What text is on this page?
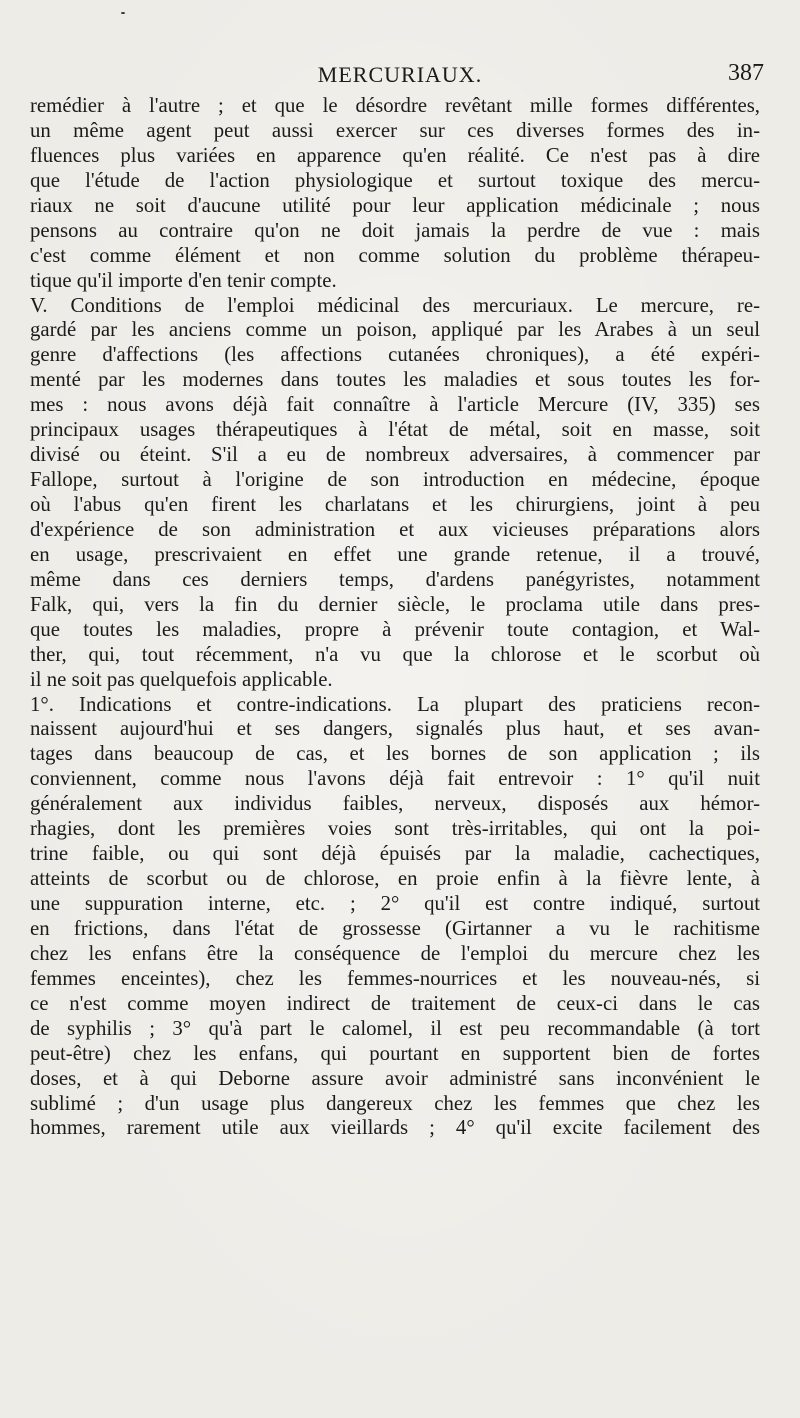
MERCURIAUX.	387
remédier à l'autre ; et que le désordre revêtant mille formes différentes,
un même agent peut aussi exercer sur ces diverses formes des in-
fluences plus variées en apparence qu'en réalité. Ce n'est pas à dire
que l'étude de l'action physiologique et surtout toxique des mercu-
riaux ne soit d'aucune utilité pour leur application médicinale ; nous
pensons au contraire qu'on ne doit jamais la perdre de vue : mais
c'est comme élément et non comme solution du problème thérapeu-
tique qu'il importe d'en tenir compte.
V. Conditions de l'emploi médicinal des mercuriaux. Le mercure, re-
gardé par les anciens comme un poison, appliqué par les Arabes à un seul
genre d'affections (les affections cutanées chroniques), a été expéri-
menté par les modernes dans toutes les maladies et sous toutes les for-
mes : nous avons déjà fait connaître à l'article Mercure (IV, 335) ses
principaux usages thérapeutiques à l'état de métal, soit en masse, soit
divisé ou éteint. S'il a eu de nombreux adversaires, à commencer par
Fallope, surtout à l'origine de son introduction en médecine, époque
où l'abus qu'en firent les charlatans et les chirurgiens, joint à peu
d'expérience de son administration et aux vicieuses préparations alors
en usage, prescrivaient en effet une grande retenue, il a trouvé,
même dans ces derniers temps, d'ardens panégyristes, notamment
Falk, qui, vers la fin du dernier siècle, le proclama utile dans pres-
que toutes les maladies, propre à prévenir toute contagion, et Wal-
ther, qui, tout récemment, n'a vu que la chlorose et le scorbut où
il ne soit pas quelquefois applicable.
1°. Indications et contre-indications. La plupart des praticiens recon-
naissent aujourd'hui et ses dangers, signalés plus haut, et ses avan-
tages dans beaucoup de cas, et les bornes de son application ; ils
conviennent, comme nous l'avons déjà fait entrevoir : 1° qu'il nuit
généralement aux individus faibles, nerveux, disposés aux hémor-
rhagies, dont les premières voies sont très-irritables, qui ont la poi-
trine faible, ou qui sont déjà épuisés par la maladie, cachectiques,
atteints de scorbut ou de chlorose, en proie enfin à la fièvre lente, à
une suppuration interne, etc. ; 2° qu'il est contre indiqué, surtout
en frictions, dans l'état de grossesse (Girtanner a vu le rachitisme
chez les enfans être la conséquence de l'emploi du mercure chez les
femmes enceintes), chez les femmes-nourrices et les nouveau-nés, si
ce n'est comme moyen indirect de traitement de ceux-ci dans le cas
de syphilis ; 3° qu'à part le calomel, il est peu recommandable (à tort
peut-être) chez les enfans, qui pourtant en supportent bien de fortes
doses, et à qui Deborne assure avoir administré sans inconvénient le
sublimé ; d'un usage plus dangereux chez les femmes que chez les
hommes, rarement utile aux vieillards ; 4° qu'il excite facilement des
